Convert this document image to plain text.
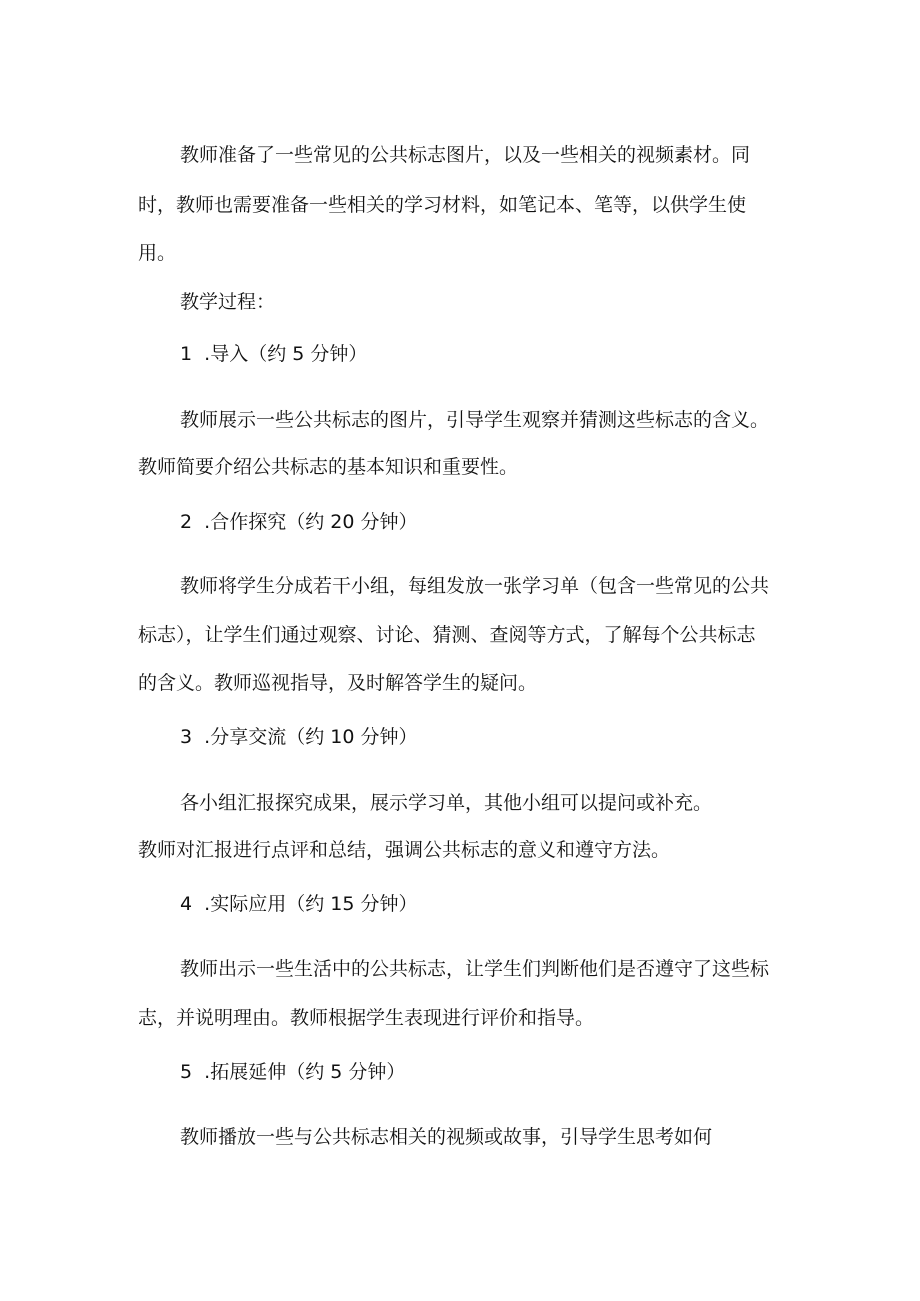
教师准备了一些常见的公共标志图片，以及一些相关的视频素材。同
时，教师也需要准备一些相关的学习材料，如笔记本、笔等，以供学生使
用。
教学过程：
1  .导入（约 5 分钟）
教师展示一些公共标志的图片，引导学生观察并猜测这些标志的含义。
教师简要介绍公共标志的基本知识和重要性。
2  .合作探究（约 20 分钟）
教师将学生分成若干小组，每组发放一张学习单（包含一些常见的公共
标志），让学生们通过观察、讨论、猜测、查阅等方式，了解每个公共标志
的含义。教师巡视指导，及时解答学生的疑问。
3  .分享交流（约 10 分钟）
各小组汇报探究成果，展示学习单，其他小组可以提问或补充。
教师对汇报进行点评和总结，强调公共标志的意义和遵守方法。
4  .实际应用（约 15 分钟）
教师出示一些生活中的公共标志，让学生们判断他们是否遵守了这些标
志，并说明理由。教师根据学生表现进行评价和指导。
5  .拓展延伸（约 5 分钟）
教师播放一些与公共标志相关的视频或故事，引导学生思考如何
